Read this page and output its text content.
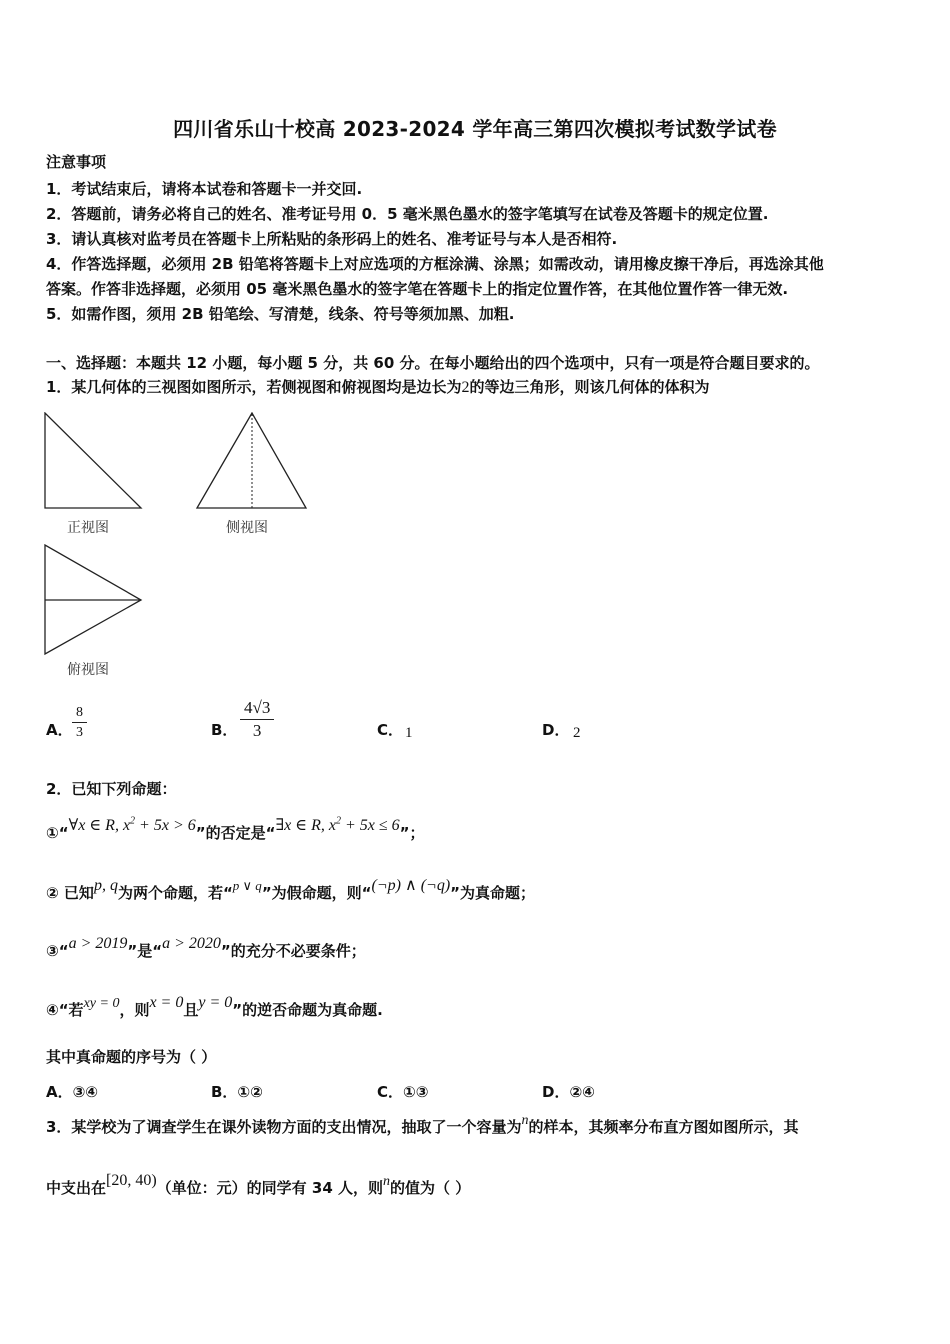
四川省乐山十校高 2023-2024 学年高三第四次模拟考试数学试卷
注意事项
1．考试结束后，请将本试卷和答题卡一并交回.
2．答题前，请务必将自己的姓名、准考证号用 0．5 毫米黑色墨水的签字笔填写在试卷及答题卡的规定位置.
3．请认真核对监考员在答题卡上所粘贴的条形码上的姓名、准考证号与本人是否相符.
4．作答选择题，必须用 2B 铅笔将答题卡上对应选项的方框涂满、涂黑；如需改动，请用橡皮擦干净后，再选涂其他
答案。作答非选择题，必须用 05 毫米黑色墨水的签字笔在答题卡上的指定位置作答，在其他位置作答一律无效.
5．如需作图，须用 2B 铅笔绘、写清楚，线条、符号等须加黑、加粗.
一、选择题：本题共 12 小题，每小题 5 分，共 60 分。在每小题给出的四个选项中，只有一项是符合题目要求的。
1．某几何体的三视图如图所示，若侧视图和俯视图均是边长为2的等边三角形，则该几何体的体积为
正视图	侧视图
俯视图
A． $\frac{8}{3}$	B． $\frac{4√3}{3}$	C． 1	D． 2
2．已知下列命题：
①“∀x ∈ R, $x^2 + 5x > 6$”的否定是“∃x ∈ R, $x^2 + 5x \le 6$”；
② 已知p, q为两个命题，若“p ∨ q”为假命题，则“(¬p) ∧ (¬q)”为真命题；
③“a > 2019”是“a > 2020”的充分不必要条件；
④“若xy = 0，则x = 0且y = 0”的逆否命题为真命题.
其中真命题的序号为（ ）
A．③④	B．①②	C．①③	D．②④
3．某学校为了调查学生在课外读物方面的支出情况，抽取了一个容量为n的样本，其频率分布直方图如图所示，其
中支出在[20, 40)（单位：元）的同学有 34 人，则n的值为（ ）
